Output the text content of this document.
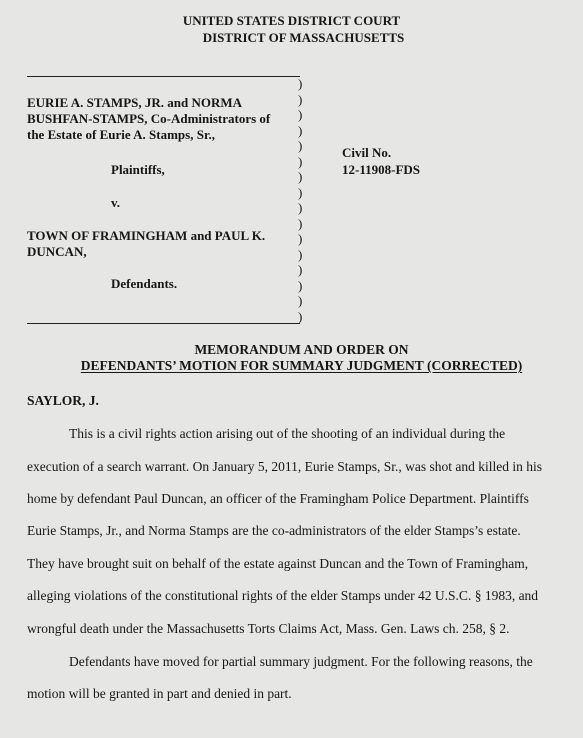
UNITED STATES DISTRICT COURT
DISTRICT OF MASSACHUSETTS
)
)
)
)
)
)
)
)
)
)
)
)
)
)
)
)
EURIE A. STAMPS, JR. and NORMA
BUSHFAN-STAMPS, Co-Administrators of
the Estate of Eurie A. Stamps, Sr.,
Plaintiffs,
v.
TOWN OF FRAMINGHAM and PAUL K.
DUNCAN,
Defendants.
Civil No.
12-11908-FDS
MEMORANDUM AND ORDER ON
DEFENDANTS’ MOTION FOR SUMMARY JUDGMENT (CORRECTED)
SAYLOR, J.
This is a civil rights action arising out of the shooting of an individual during the
execution of a search warrant. On January 5, 2011, Eurie Stamps, Sr., was shot and killed in his
home by defendant Paul Duncan, an officer of the Framingham Police Department. Plaintiffs
Eurie Stamps, Jr., and Norma Stamps are the co-administrators of the elder Stamps’s estate.
They have brought suit on behalf of the estate against Duncan and the Town of Framingham,
alleging violations of the constitutional rights of the elder Stamps under 42 U.S.C. § 1983, and
wrongful death under the Massachusetts Torts Claims Act, Mass. Gen. Laws ch. 258, § 2.
Defendants have moved for partial summary judgment. For the following reasons, the
motion will be granted in part and denied in part.
